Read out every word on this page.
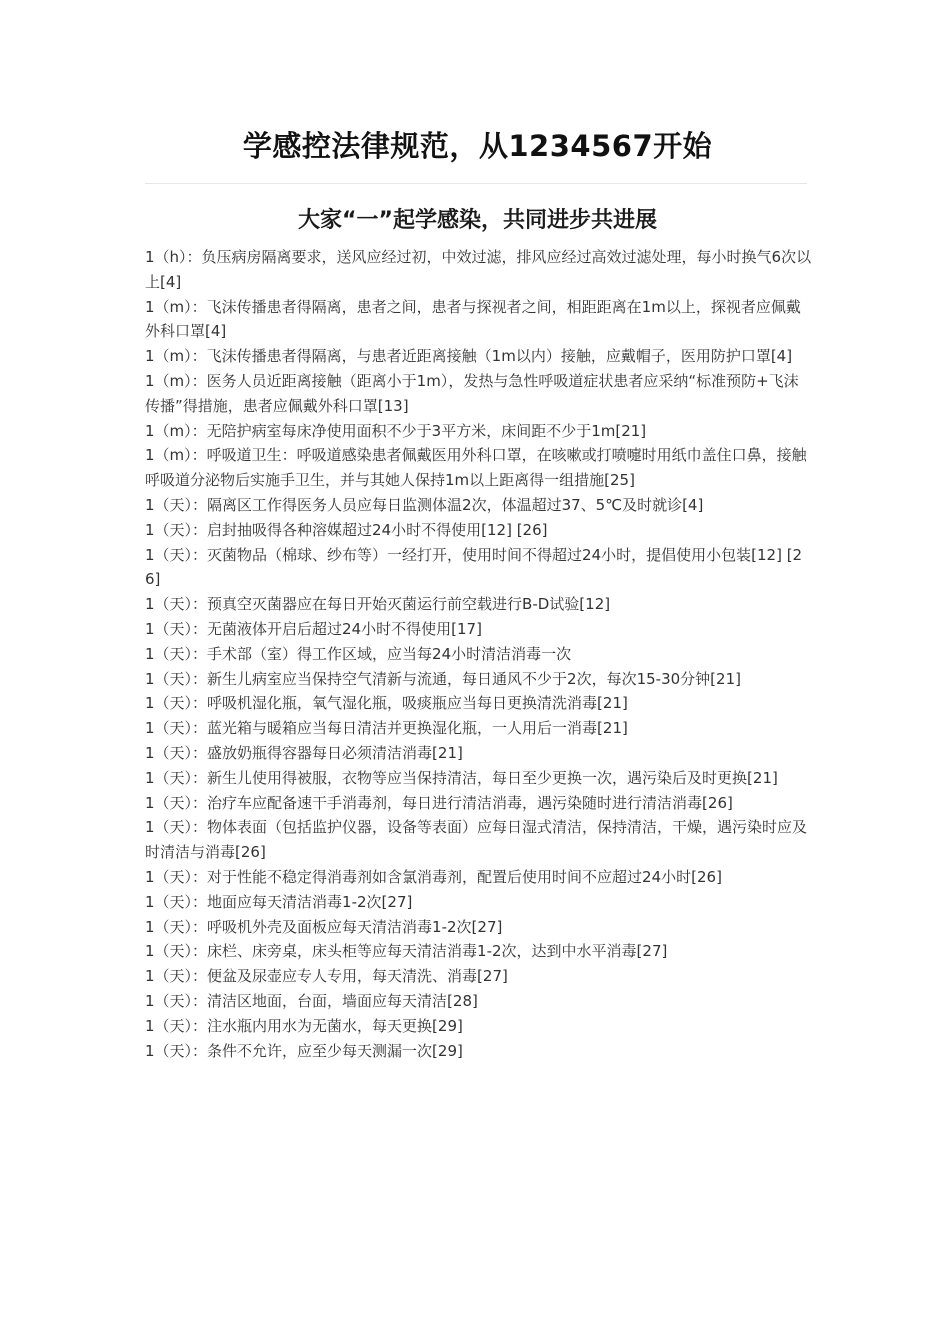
学感控法律规范，从1234567开始
大家“一”起学感染，共同进步共进展
1（h）：负压病房隔离要求，送风应经过初，中效过滤，排风应经过高效过滤处理，每小时换气6次以上[4]
1（m）：飞沫传播患者得隔离，患者之间，患者与探视者之间，相距距离在1m以上，探视者应佩戴外科口罩[4]
1（m）：飞沫传播患者得隔离，与患者近距离接触（1m以内）接触，应戴帽子，医用防护口罩[4]
1（m）：医务人员近距离接触（距离小于1m），发热与急性呼吸道症状患者应采纳“标准预防+飞沫传播”得措施，患者应佩戴外科口罩[13]
1（m）：无陪护病室每床净使用面积不少于3平方米，床间距不少于1m[21]
1（m）：呼吸道卫生：呼吸道感染患者佩戴医用外科口罩，在咳嗽或打喷嚏时用纸巾盖住口鼻，接触呼吸道分泌物后实施手卫生，并与其她人保持1m以上距离得一组措施[25]
1（天）：隔离区工作得医务人员应每日监测体温2次，体温超过37、5℃及时就诊[4]
1（天）：启封抽吸得各种溶媒超过24小时不得使用[12] [26]
1（天）：灭菌物品（棉球、纱布等）一经打开，使用时间不得超过24小时，提倡使用小包装[12] [26]
1（天）：预真空灭菌器应在每日开始灭菌运行前空载进行B-D试验[12]
1（天）：无菌液体开启后超过24小时不得使用[17]
1（天）：手术部（室）得工作区域，应当每24小时清洁消毒一次
1（天）：新生儿病室应当保持空气清新与流通，每日通风不少于2次，每次15-30分钟[21]
1（天）：呼吸机湿化瓶，氧气湿化瓶，吸痰瓶应当每日更换清洗消毒[21]
1（天）：蓝光箱与暖箱应当每日清洁并更换湿化瓶，一人用后一消毒[21]
1（天）：盛放奶瓶得容器每日必须清洁消毒[21]
1（天）：新生儿使用得被服，衣物等应当保持清洁，每日至少更换一次，遇污染后及时更换[21]
1（天）：治疗车应配备速干手消毒剂，每日进行清洁消毒，遇污染随时进行清洁消毒[26]
1（天）：物体表面（包括监护仪器，设备等表面）应每日湿式清洁，保持清洁，干燥，遇污染时应及时清洁与消毒[26]
1（天）：对于性能不稳定得消毒剂如含氯消毒剂，配置后使用时间不应超过24小时[26]
1（天）：地面应每天清洁消毒1-2次[27]
1（天）：呼吸机外壳及面板应每天清洁消毒1-2次[27]
1（天）：床栏、床旁桌，床头柜等应每天清洁消毒1-2次，达到中水平消毒[27]
1（天）：便盆及尿壶应专人专用，每天清洗、消毒[27]
1（天）：清洁区地面，台面，墙面应每天清洁[28]
1（天）：注水瓶内用水为无菌水，每天更换[29]
1（天）：条件不允许，应至少每天测漏一次[29]
